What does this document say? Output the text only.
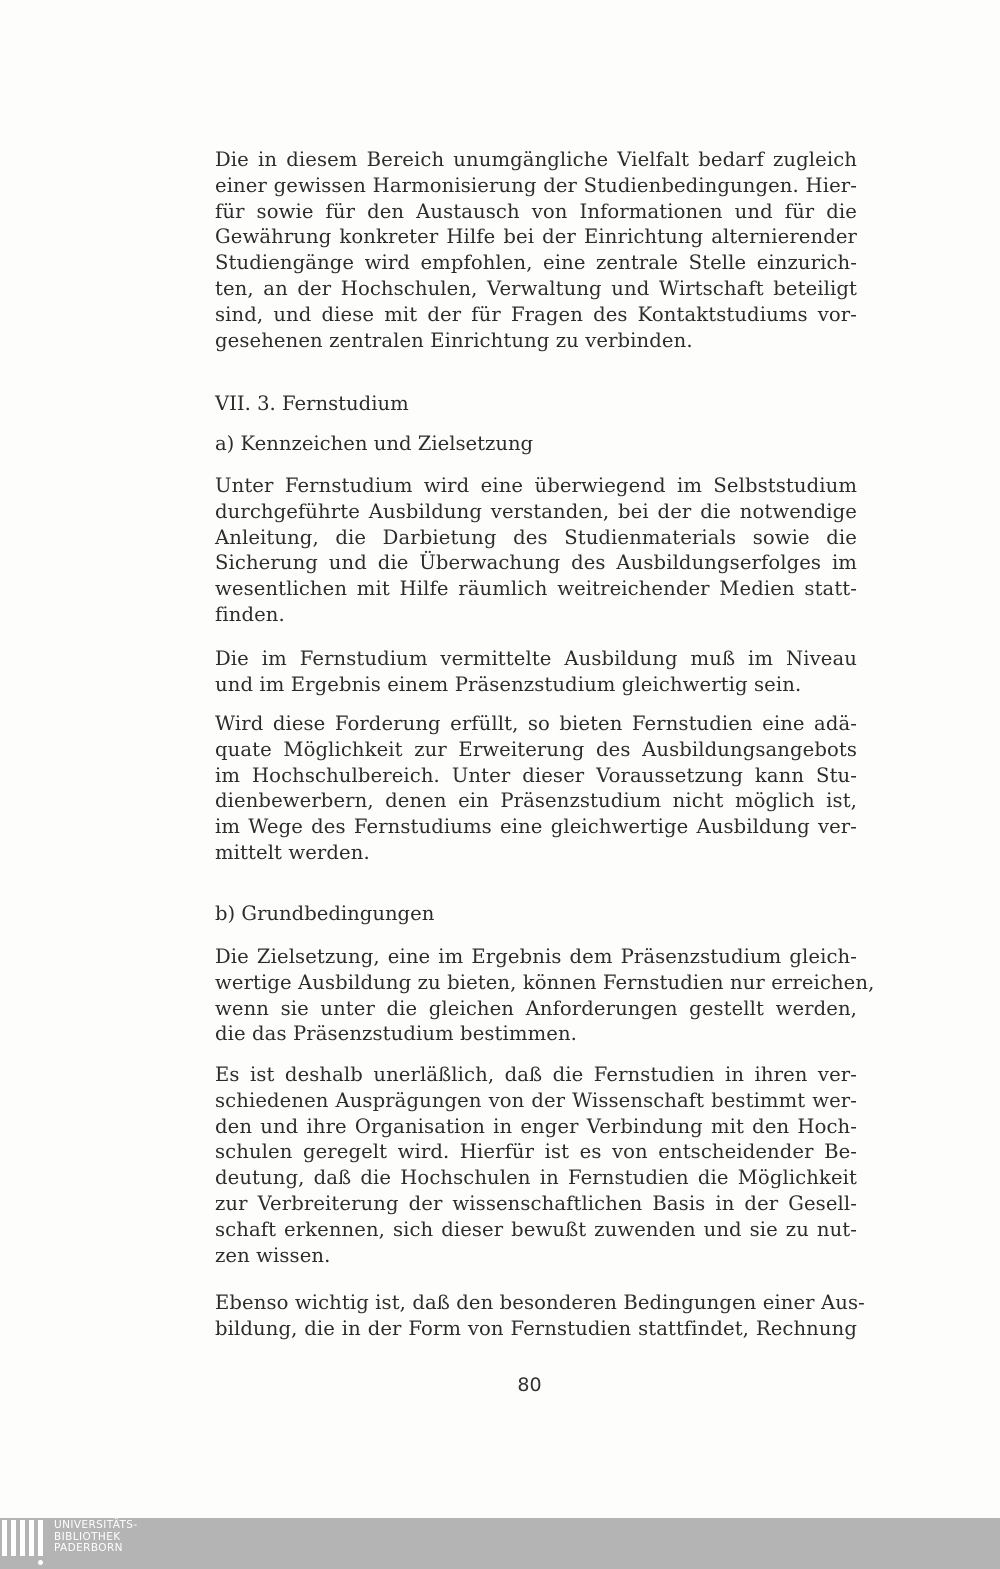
Die in diesem Bereich unumgängliche Vielfalt bedarf zugleich
einer gewissen Harmonisierung der Studienbedingungen. Hier-
für sowie für den Austausch von Informationen und für die
Gewährung konkreter Hilfe bei der Einrichtung alternierender
Studiengänge wird empfohlen, eine zentrale Stelle einzurich-
ten, an der Hochschulen, Verwaltung und Wirtschaft beteiligt
sind, und diese mit der für Fragen des Kontaktstudiums vor-
gesehenen zentralen Einrichtung zu verbinden.
VII. 3. Fernstudium
a) Kennzeichen und Zielsetzung
Unter Fernstudium wird eine überwiegend im Selbststudium
durchgeführte Ausbildung verstanden, bei der die notwendige
Anleitung, die Darbietung des Studienmaterials sowie die
Sicherung und die Überwachung des Ausbildungserfolges im
wesentlichen mit Hilfe räumlich weitreichender Medien statt-
finden.
Die im Fernstudium vermittelte Ausbildung muß im Niveau
und im Ergebnis einem Präsenzstudium gleichwertig sein.
Wird diese Forderung erfüllt, so bieten Fernstudien eine adä-
quate Möglichkeit zur Erweiterung des Ausbildungsangebots
im Hochschulbereich. Unter dieser Voraussetzung kann Stu-
dienbewerbern, denen ein Präsenzstudium nicht möglich ist,
im Wege des Fernstudiums eine gleichwertige Ausbildung ver-
mittelt werden.
b) Grundbedingungen
Die Zielsetzung, eine im Ergebnis dem Präsenzstudium gleich-
wertige Ausbildung zu bieten, können Fernstudien nur erreichen,
wenn sie unter die gleichen Anforderungen gestellt werden,
die das Präsenzstudium bestimmen.
Es ist deshalb unerläßlich, daß die Fernstudien in ihren ver-
schiedenen Ausprägungen von der Wissenschaft bestimmt wer-
den und ihre Organisation in enger Verbindung mit den Hoch-
schulen geregelt wird. Hierfür ist es von entscheidender Be-
deutung, daß die Hochschulen in Fernstudien die Möglichkeit
zur Verbreiterung der wissenschaftlichen Basis in der Gesell-
schaft erkennen, sich dieser bewußt zuwenden und sie zu nut-
zen wissen.
Ebenso wichtig ist, daß den besonderen Bedingungen einer Aus-
bildung, die in der Form von Fernstudien stattfindet, Rechnung
80
UNIVERSITÄTS-
BIBLIOTHEK
PADERBORN
